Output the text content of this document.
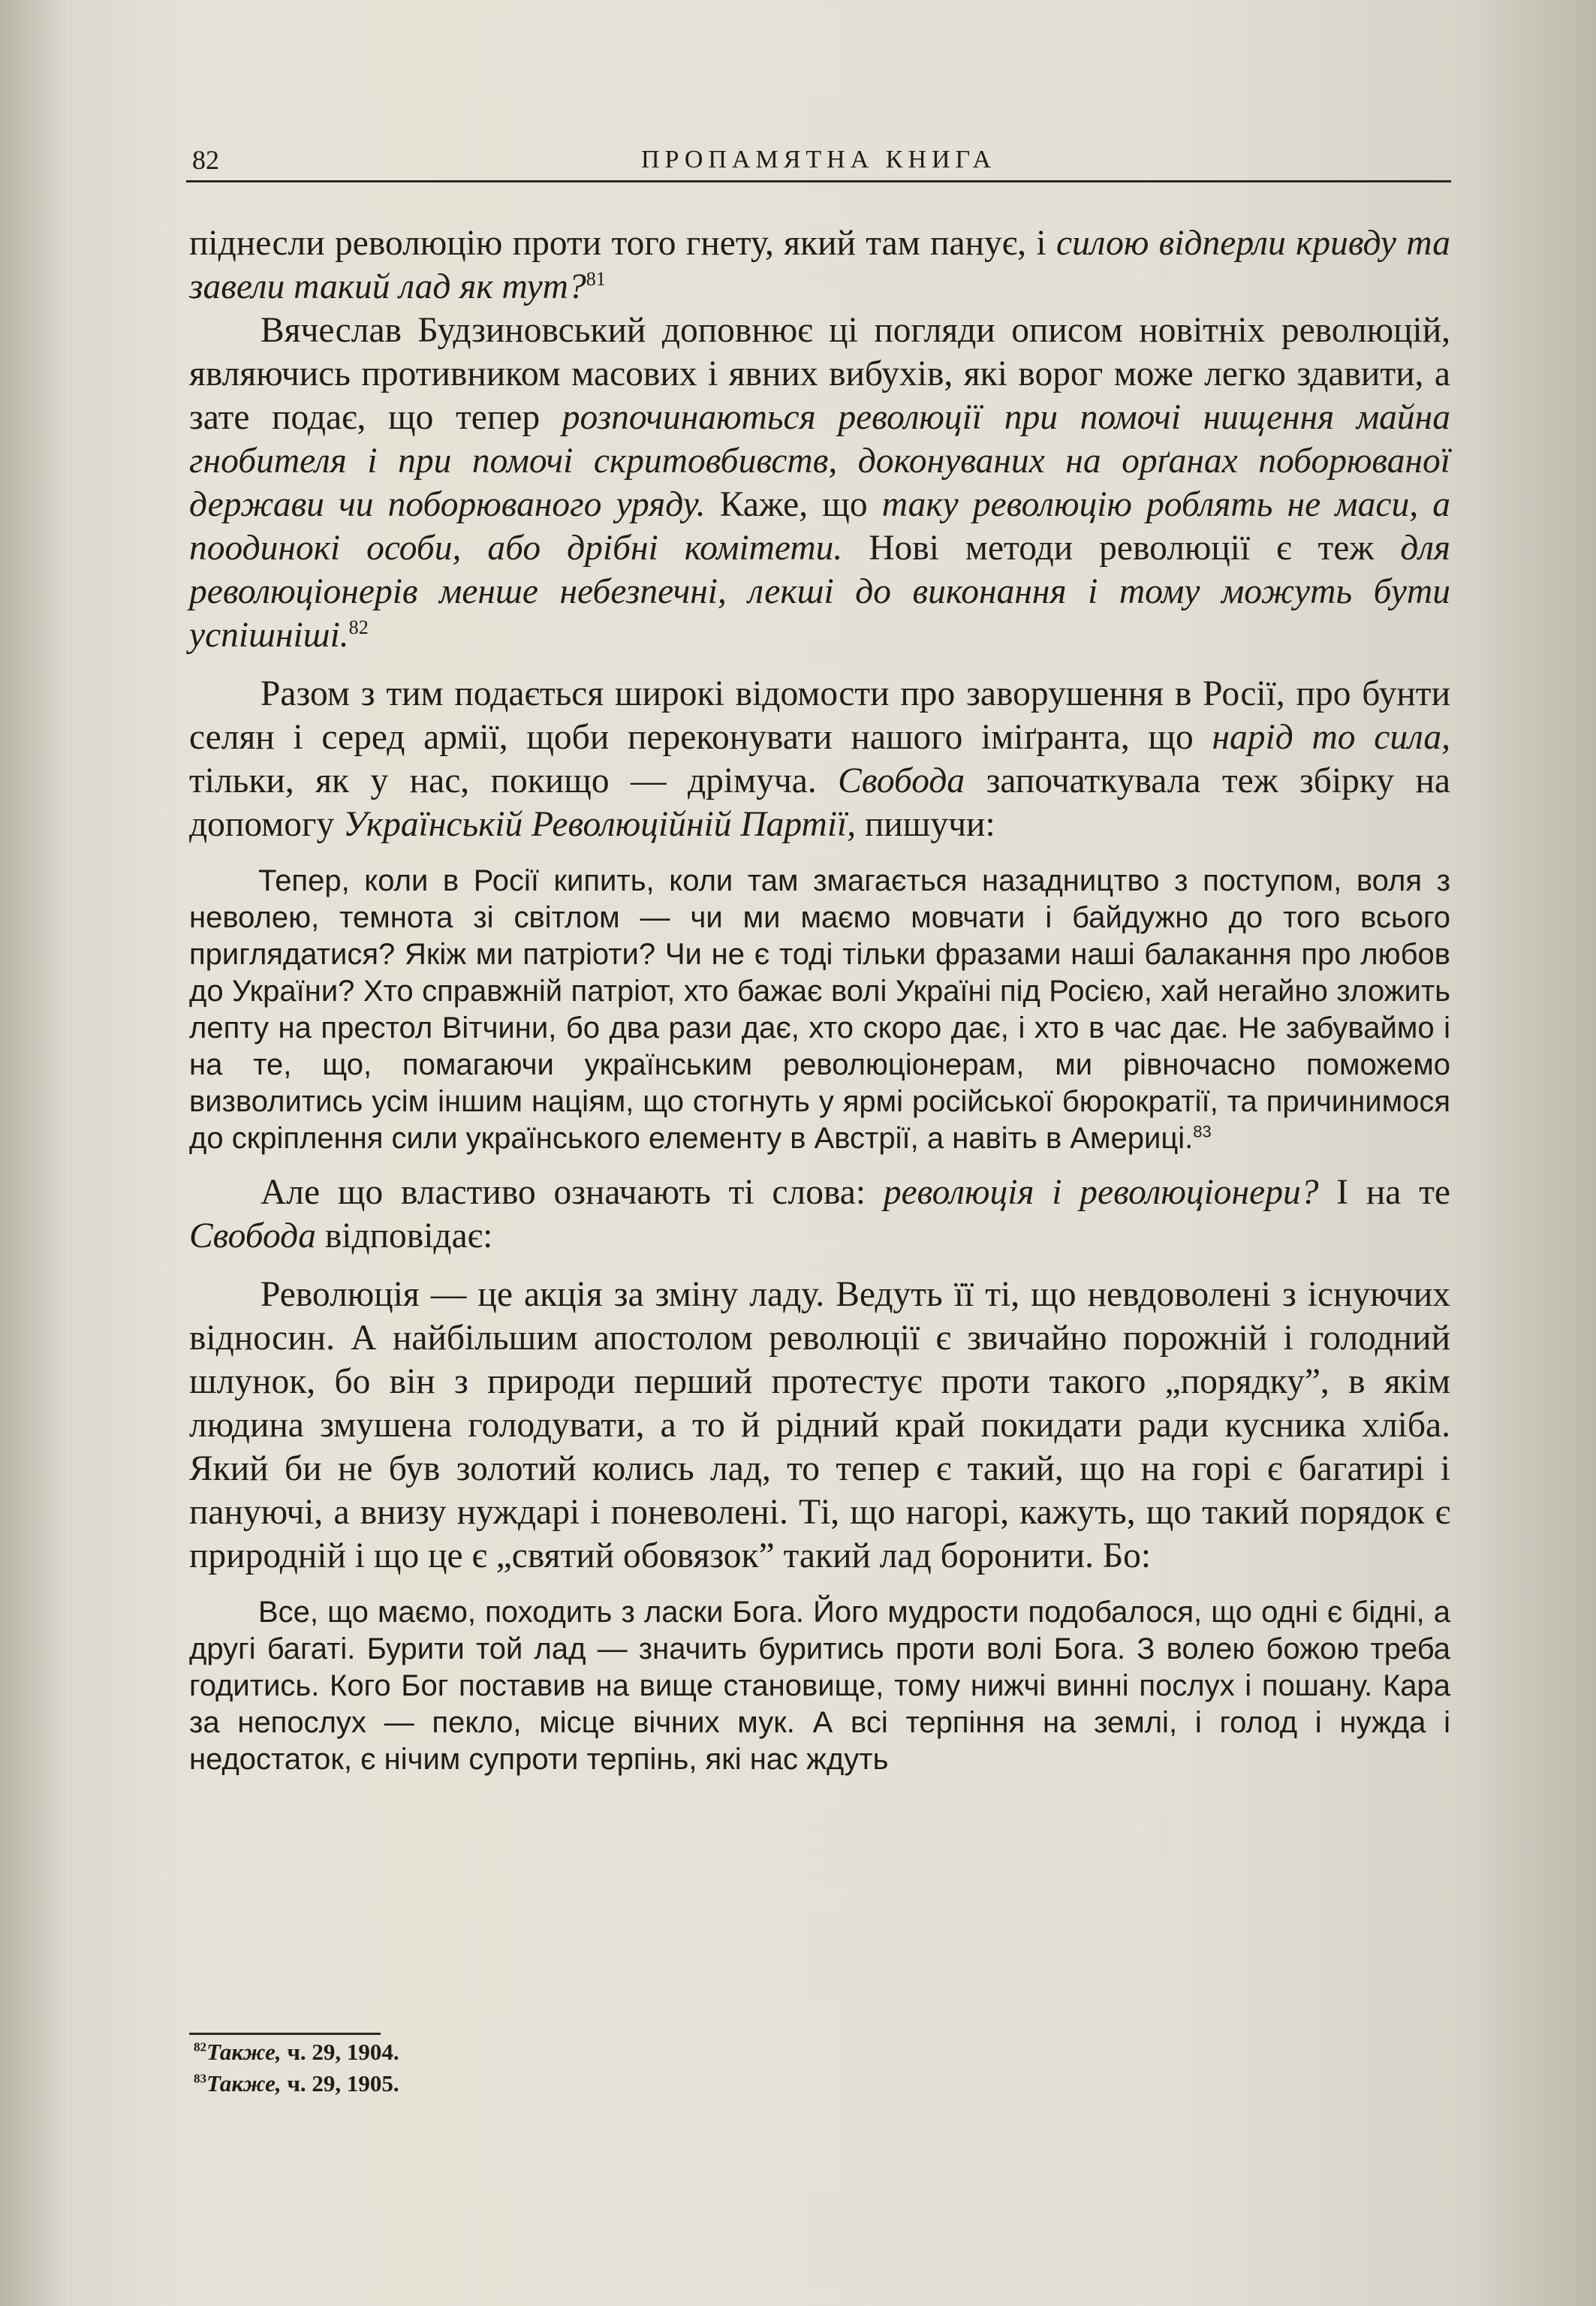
82	ПРОПАМЯТНА КНИГА

піднесли революцію проти того гнету, який там панує, і силою відперли кривду та завели такий лад як тут?$^{81}$

Вячеслав Будзиновський доповнює ці погляди описом новітніх революцій, являючись противником масових і явних вибухів, які ворог може легко здавити, а зате подає, що тепер розпочинаються революції при помочі нищення майна гнобителя і при помочі скритовбивств, доконуваних на орґанах поборюваної держави чи поборюваного уряду. Каже, що таку революцію роблять не маси, а поодинокі особи, або дрібні комітети. Нові методи революції є теж для революціонерів менше небезпечні, лекші до виконання і тому можуть бути успішніші.$^{82}$

Разом з тим подається широкі відомости про заворушення в Росії, про бунти селян і серед армії, щоби переконувати нашого іміґранта, що нарід то сила, тільки, як у нас, покищо — дрімуча. Свобода започаткувала теж збірку на допомогу Українській Революційній Партії, пишучи:

Тепер, коли в Росії кипить, коли там змагається назадництво з поступом, воля з неволею, темнота зі світлом — чи ми маємо мовчати і байдужно до того всього приглядатися? Якіж ми патріоти? Чи не є тоді тільки фразами наші балакання про любов до України? Хто справжній патріот, хто бажає волі Україні під Росією, хай негайно зложить лепту на престол Вітчини, бо два рази дає, хто скоро дає, і хто в час дає. Не забуваймо і на те, що, помагаючи українським революціонерам, ми рівночасно поможемо визволитись усім іншим націям, що стогнуть у ярмі російської бюрократії, та причинимося до скріплення сили українського елементу в Австрії, а навіть в Америці.$^{83}$

Але що властиво означають ті слова: революція і революціонери? І на те Свобода відповідає:

Революція — це акція за зміну ладу. Ведуть її ті, що невдоволені з існуючих відносин. А найбільшим апостолом революції є звичайно порожній і голодний шлунок, бо він з природи перший протестує проти такого „порядку”, в якім людина змушена голодувати, а то й рідний край покидати ради кусника хліба. Який би не був золотий колись лад, то тепер є такий, що на горі є багатирі і пануючі, а внизу нуждарі і поневолені. Ті, що нагорі, кажуть, що такий порядок є природній і що це є „святий обовязок” такий лад боронити. Бо:

Все, що маємо, походить з ласки Бога. Його мудрости подобалося, що одні є бідні, а другі багаті. Бурити той лад — значить буритись проти волі Бога. З волею божою треба годитись. Кого Бог поставив на вище становище, тому нижчі винні послух і пошану. Кара за непослух — пекло, місце вічних мук. А всі терпіння на землі, і голод і нужда і недостаток, є нічим супроти терпінь, які нас ждуть

$^{82}$Также, ч. 29, 1904.
$^{83}$Также, ч. 29, 1905.
